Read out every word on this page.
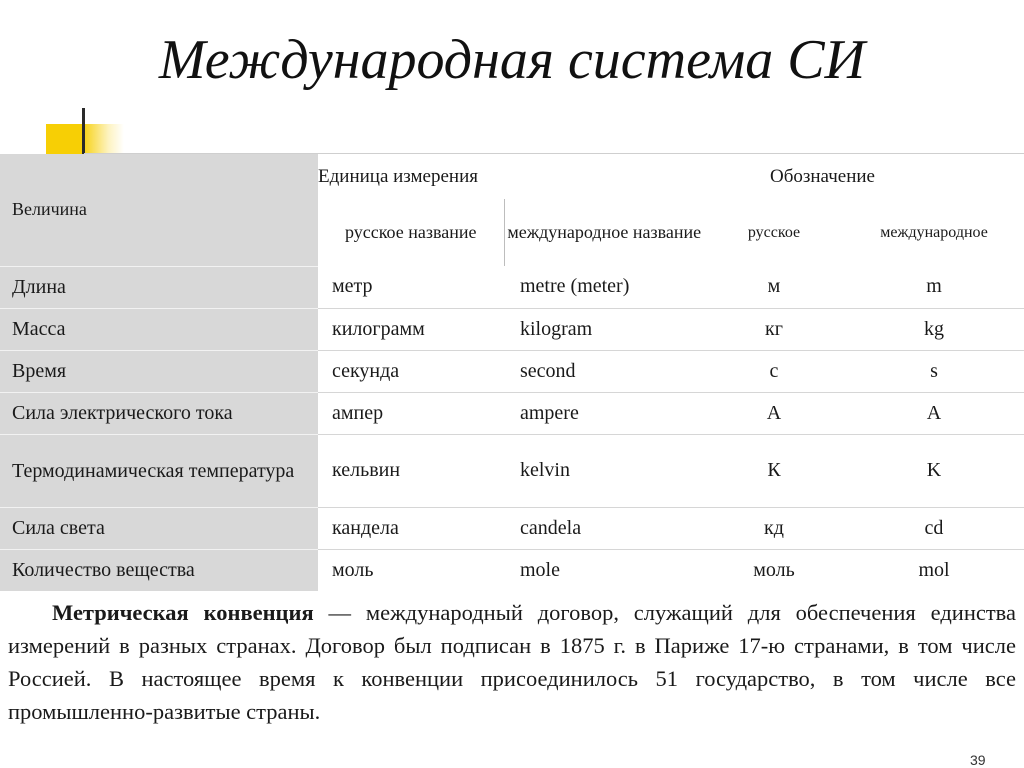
Международная система СИ
Величина	Единица измерения		Обозначение	
	русское название	международное название	русское	международное
Длина	метр	metre (meter)	м	m
Масса	килограмм	kilogram	кг	kg
Время	секунда	second	с	s
Сила электрического тока	ампер	ampere	А	A
Термодинамическая температура	кельвин	kelvin	К	K
Сила света	кандела	candela	кд	cd
Количество вещества	моль	mole	моль	mol

Метрическая конвенция — международный договор, служащий для обеспечения единства измерений в разных странах. Договор был подписан в 1875 г. в Париже 17-ю странами, в том числе Россией. В настоящее время к конвенции присоединилось 51 государство, в том числе все промышленно-развитые страны.

39
